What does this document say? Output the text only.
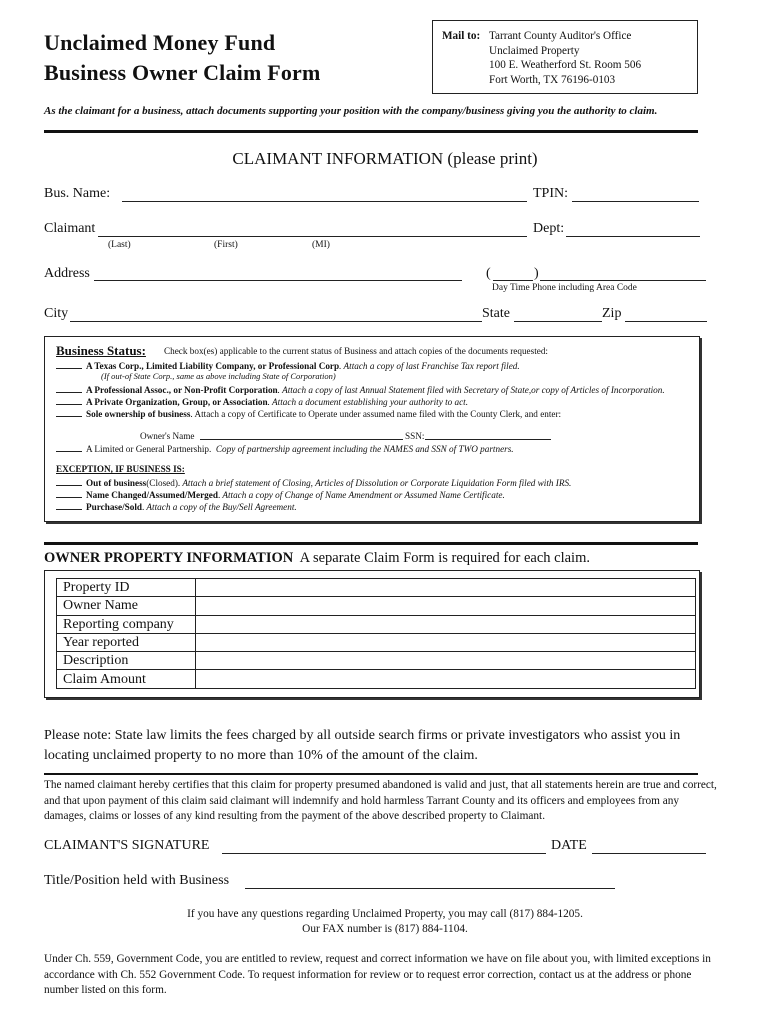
Unclaimed Money Fund
Business Owner Claim Form
Mail to: Tarrant County Auditor's Office
Unclaimed Property
100 E. Weatherford St. Room 506
Fort Worth, TX 76196-0103
As the claimant for a business, attach documents supporting your position with the company/business giving you the authority to claim.
CLAIMANT INFORMATION (please print)
Bus. Name:	TPIN:
Claimant	Dept:
(Last)	(First)	(MI)
Address	(	)
Day Time Phone including Area Code
City	State	Zip
Business Status: Check box(es) applicable to the current status of Business and attach copies of the documents requested:
A Texas Corp., Limited Liability Company, or Professional Corp. Attach a copy of last Franchise Tax report filed.
(If out-of State Corp., same as above including State of Corporation)
A Professional Assoc., or Non-Profit Corporation. Attach a copy of last Annual Statement filed with Secretary of State,or copy of Articles of Incorporation.
A Private Organization, Group, or Association. Attach a document establishing your authority to act.
Sole ownership of business. Attach a copy of Certificate to Operate under assumed name filed with the County Clerk, and enter:
Owner's Name	SSN:
A Limited or General Partnership. Copy of partnership agreement including the NAMES and SSN of TWO partners.
EXCEPTION, IF BUSINESS IS:
Out of business(Closed). Attach a brief statement of Closing, Articles of Dissolution or Corporate Liquidation Form filed with IRS.
Name Changed/Assumed/Merged. Attach a copy of Change of Name Amendment or Assumed Name Certificate.
Purchase/Sold. Attach a copy of the Buy/Sell Agreement.
OWNER PROPERTY INFORMATION A separate Claim Form is required for each claim.
Property ID	
Owner Name	
Reporting company	
Year reported	
Description	
Claim Amount	
Please note: State law limits the fees charged by all outside search firms or private investigators who assist you in locating unclaimed property to no more than 10% of the amount of the claim.
The named claimant hereby certifies that this claim for property presumed abandoned is valid and just, that all statements herein are true and correct, and that upon payment of this claim said claimant will indemnify and hold harmless Tarrant County and its officers and employees from any damages, claims or losses of any kind resulting from the payment of the above described property to Claimant.
CLAIMANT'S SIGNATURE	DATE
Title/Position held with Business
If you have any questions regarding Unclaimed Property, you may call (817) 884-1205.
Our FAX number is (817) 884-1104.
Under Ch. 559, Government Code, you are entitled to review, request and correct information we have on file about you, with limited exceptions in accordance with Ch. 552 Government Code. To request information for review or to request error correction, contact us at the address or phone number listed on this form.
